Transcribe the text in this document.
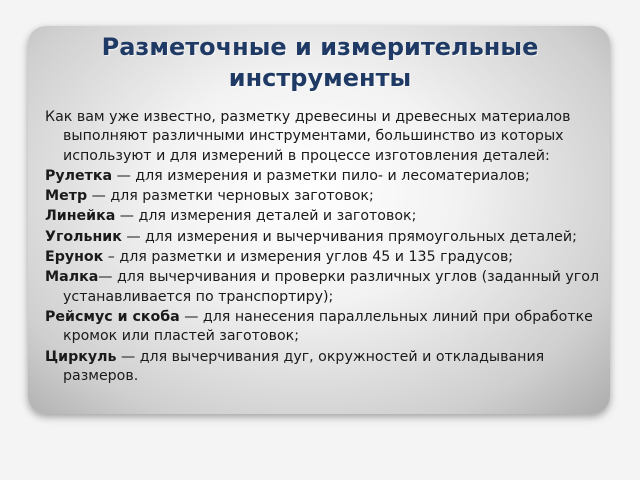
Разметочные и измерительные инструменты

Как вам уже известно, разметку древесины и древесных материалов выполняют различными инструментами, большинство из которых используют и для измерений в процессе изготовления деталей:

Рулетка — для измерения и разметки пило- и лесоматериалов;

Метр — для разметки черновых заготовок;

Линейка — для измерения деталей и заготовок;

Угольник — для измерения и вычерчивания прямоугольных деталей;

Ерунок – для разметки и измерения углов 45 и 135 градусов;

Малка— для вычерчивания и проверки различных углов (заданный угол устанавливается по транспортиру);

Рейсмус и скоба — для нанесения параллельных линий при обработке кромок или пластей заготовок;

Циркуль — для вычерчивания дуг, окружностей и откладывания размеров.
